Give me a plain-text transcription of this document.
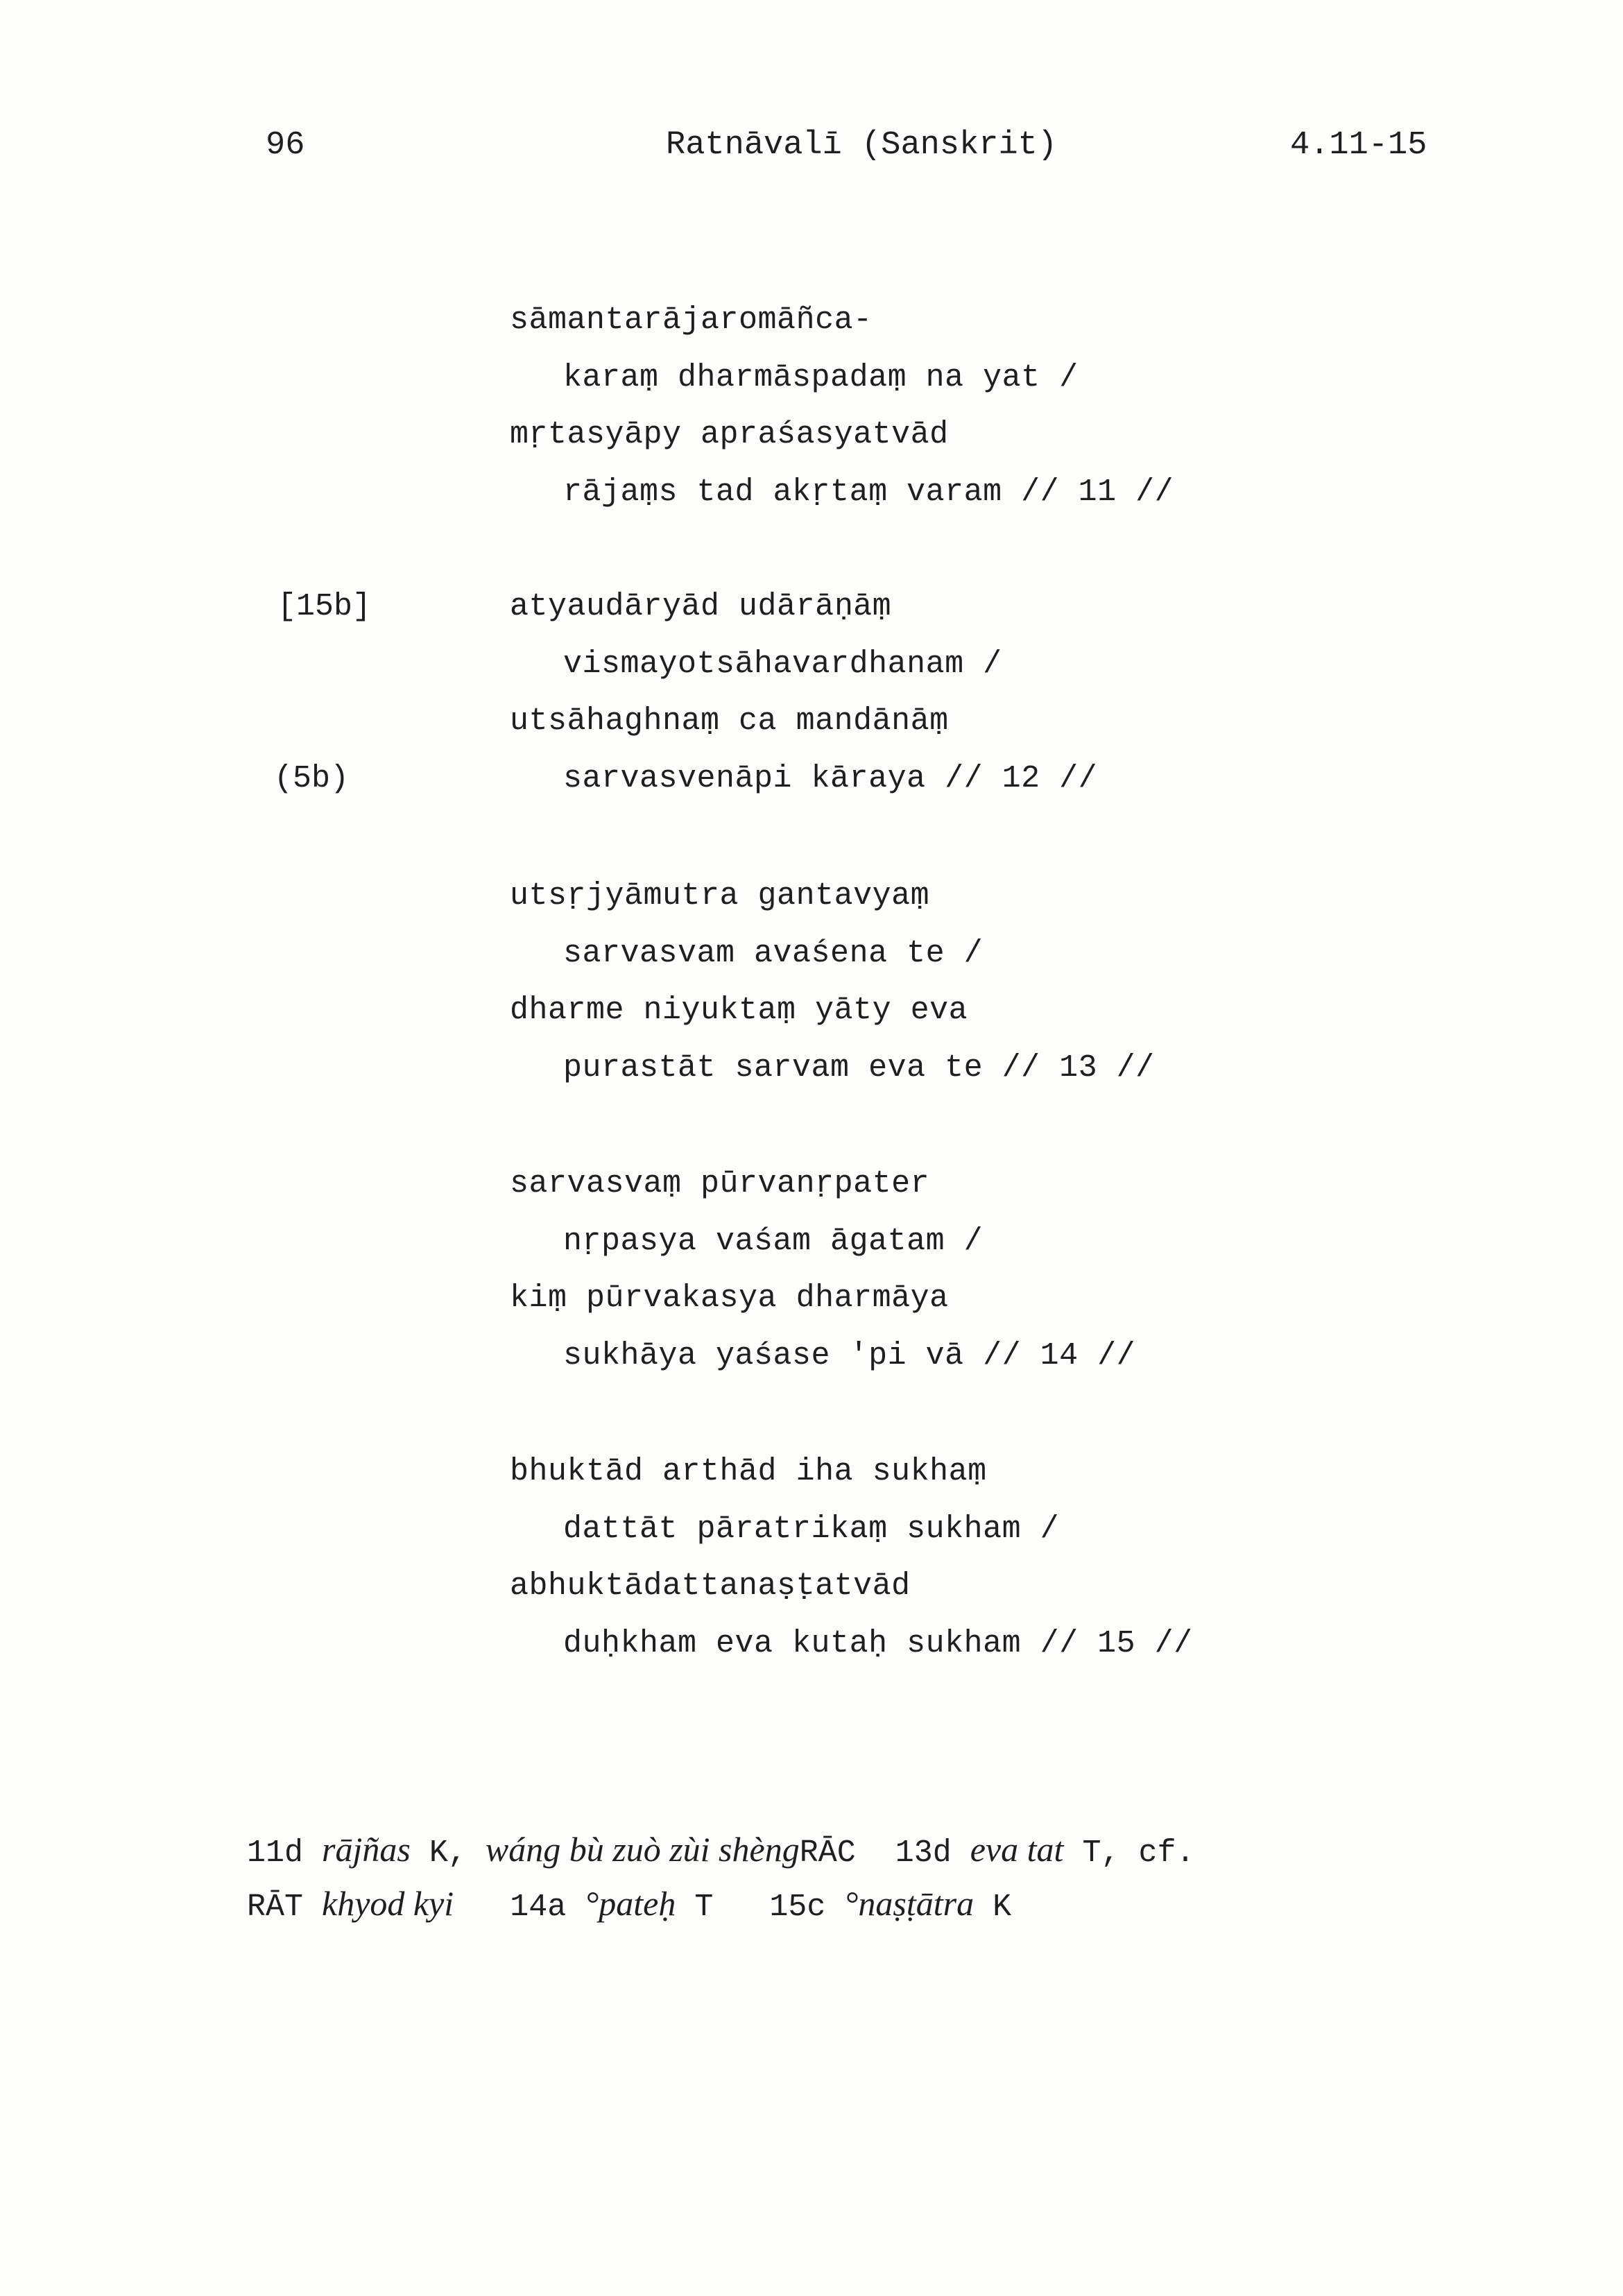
96	Ratnāvalī (Sanskrit)	4.11-15
sāmantarājaromāñca-
karaṃ dharmāspadaṃ na yat /
mṛtasyāpy apraśasyatvād
rājaṃs tad akṛtaṃ varam // 11 //
[15b]
(5b)
atyaudāryād udārāṇāṃ
vismayotsāhavardhanam /
utsāhaghnaṃ ca mandānāṃ
sarvasvenāpi kāraya // 12 //
utsṛjyāmutra gantavyaṃ
sarvasvam avaśena te /
dharme niyuktaṃ yāty eva
purastāt sarvam eva te // 13 //
sarvasvaṃ pūrvanṛpater
nṛpasya vaśam āgatam /
kiṃ pūrvakasya dharmāya
sukhāya yaśase 'pi vā // 14 //
bhuktād arthād iha sukhaṃ
dattāt pāratrikaṃ sukham /
abhuktādattanaṣṭatvād
duḥkham eva kutaḥ sukham // 15 //
11d rājñas K, wáng bù zuò zùi shèngRĀC 13d eva tat T, cf.
RĀT khyod kyi 14a °pateḥ T 15c °naṣṭātra K
